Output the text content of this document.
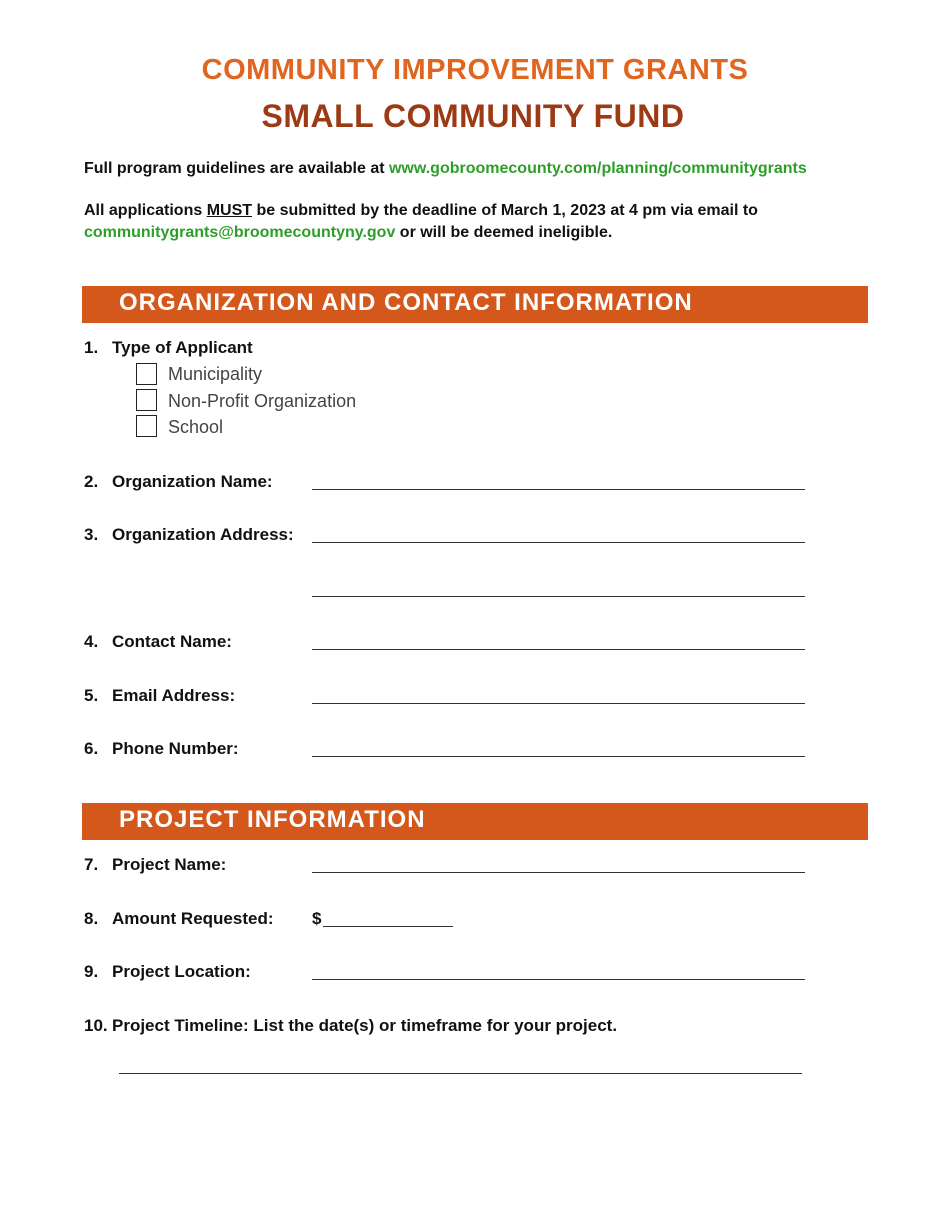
COMMUNITY IMPROVEMENT GRANTS
SMALL COMMUNITY FUND
Full program guidelines are available at www.gobroomecounty.com/planning/communitygrants
All applications MUST be submitted by the deadline of March 1, 2023 at 4 pm via email to
communitygrants@broomecountyny.gov or will be deemed ineligible.
ORGANIZATION AND CONTACT INFORMATION
1. Type of Applicant
Municipality
Non-Profit Organization
School
2. Organization Name:
3. Organization Address:
4. Contact Name:
5. Email Address:
6. Phone Number:
PROJECT INFORMATION
7. Project Name:
8. Amount Requested: $
9. Project Location:
10. Project Timeline: List the date(s) or timeframe for your project.
